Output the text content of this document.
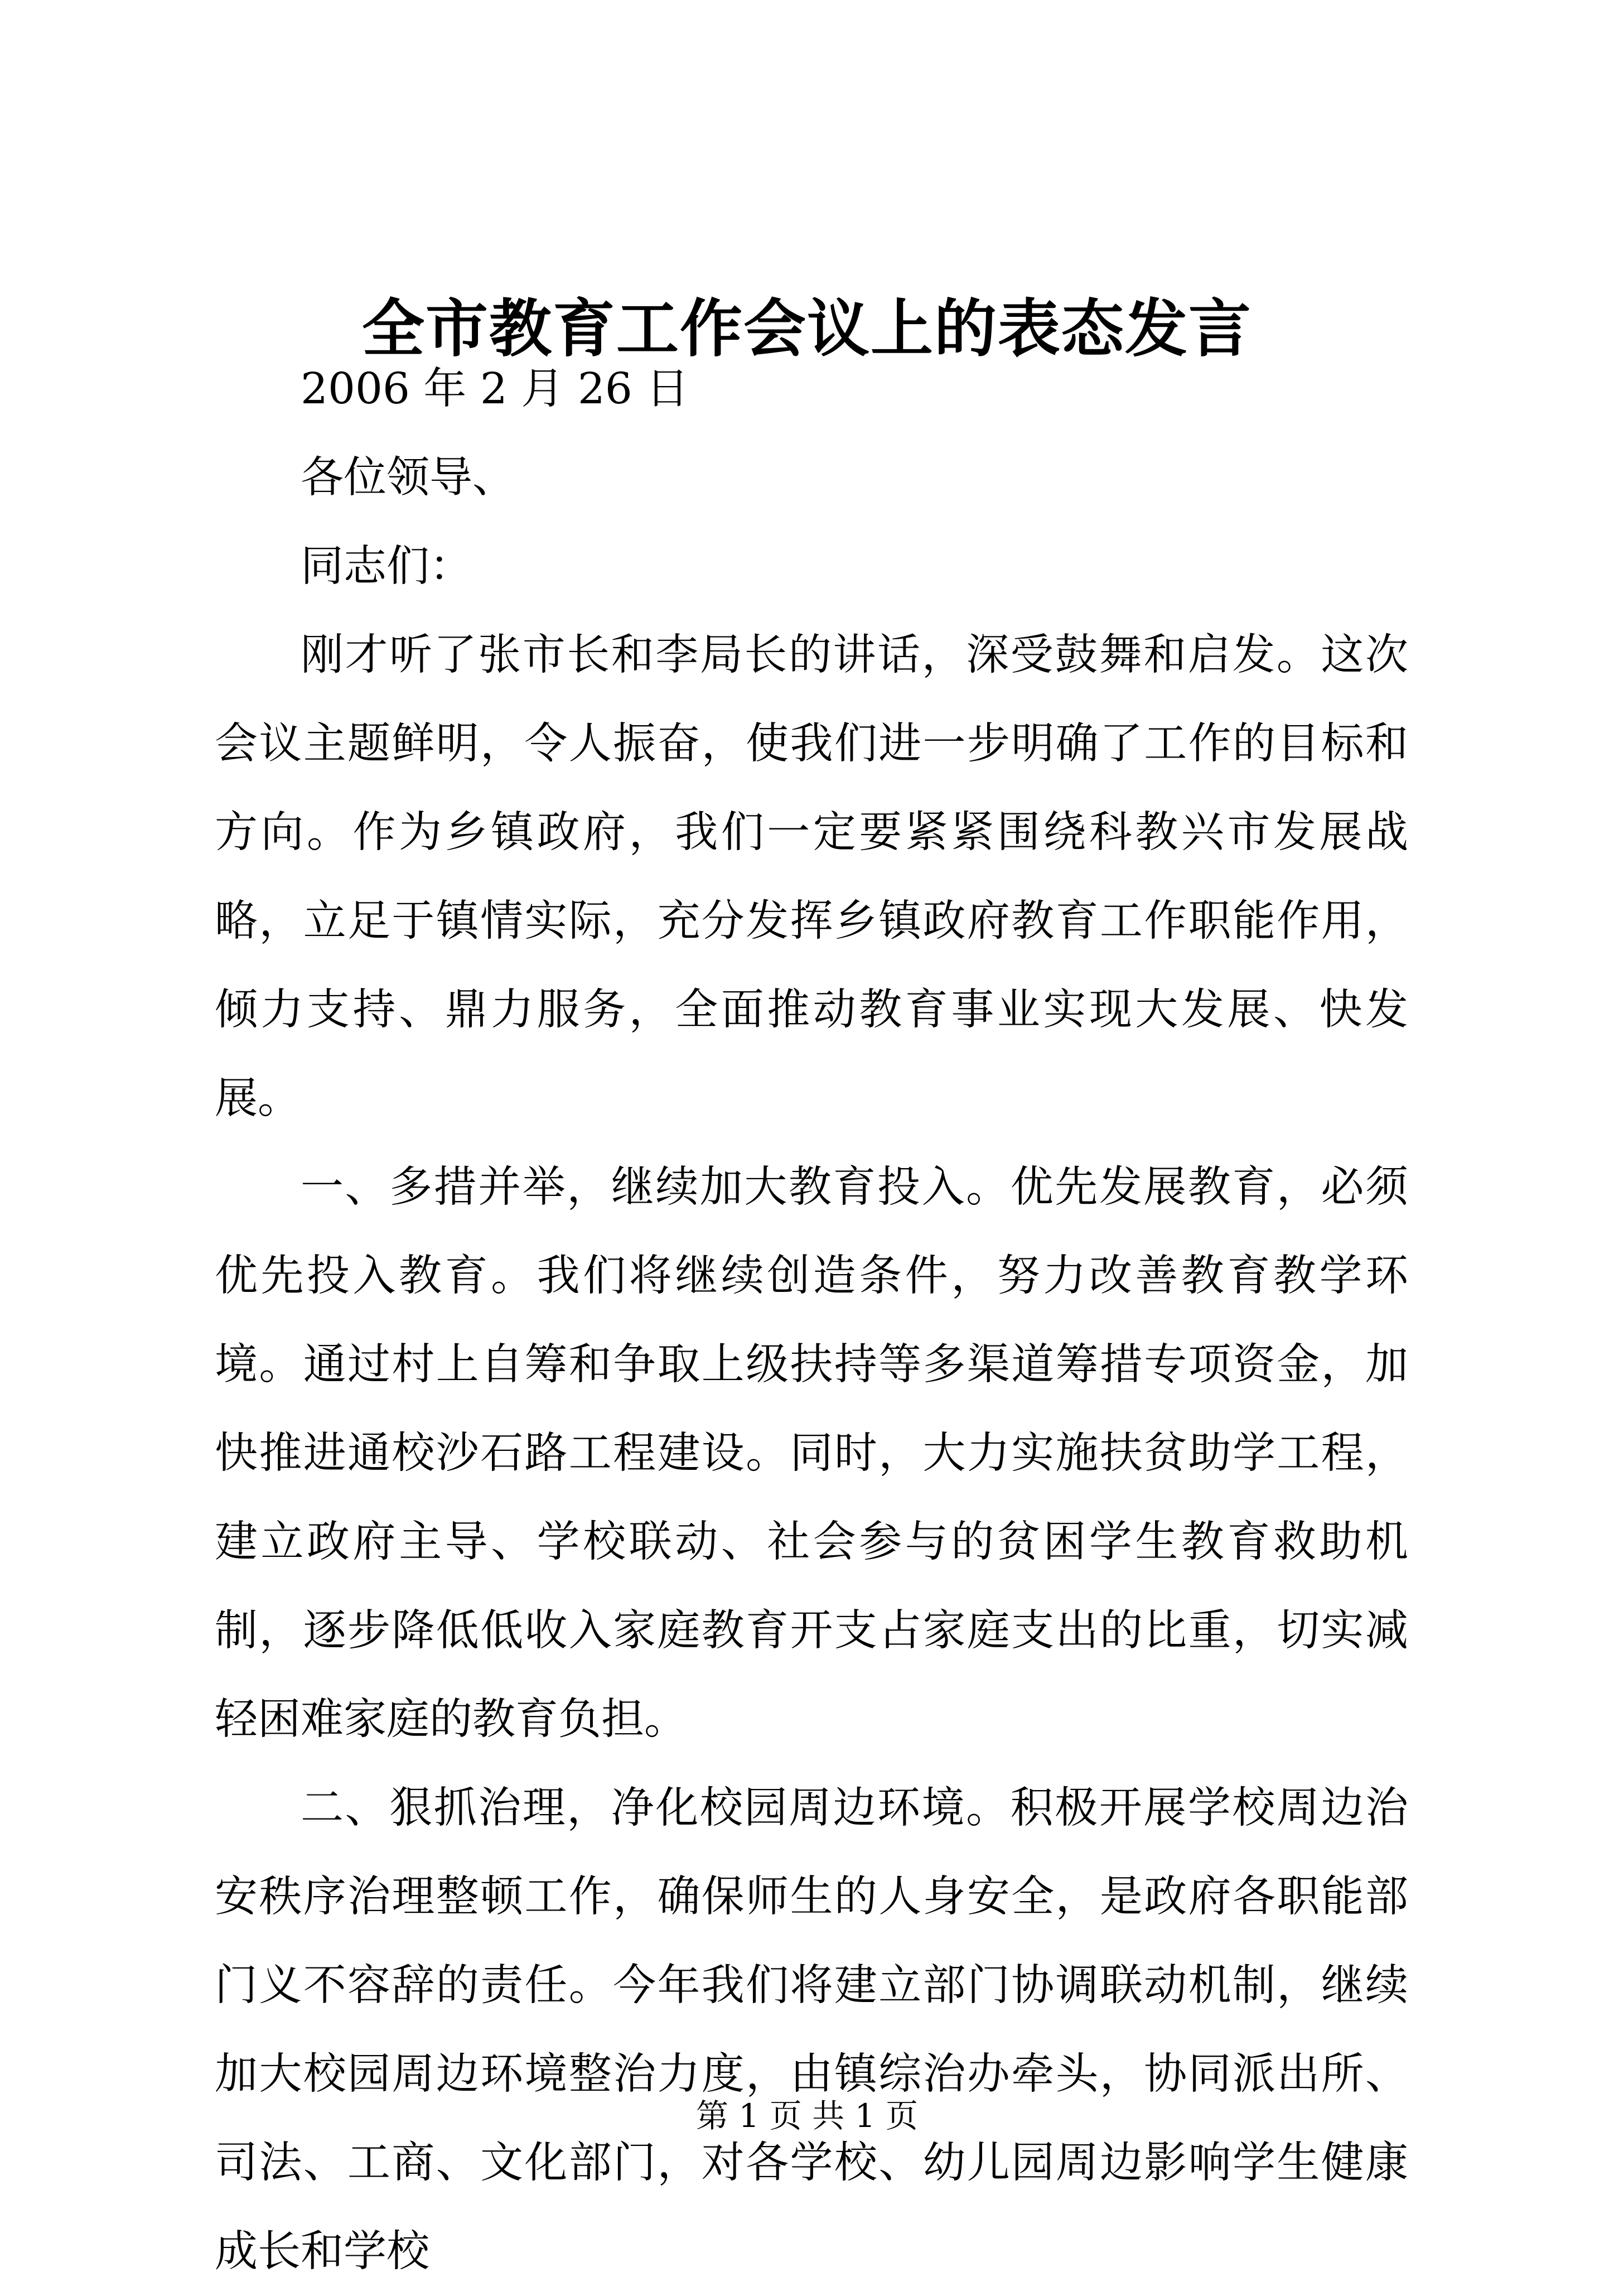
全市教育工作会议上的表态发言

2006 年 2 月 26 日

各位领导、

同志们：

刚才听了张市长和李局长的讲话，深受鼓舞和启发。这次会议主题鲜明，令人振奋，使我们进一步明确了工作的目标和方向。作为乡镇政府，我们一定要紧紧围绕科教兴市发展战略，立足于镇情实际，充分发挥乡镇政府教育工作职能作用，倾力支持、鼎力服务，全面推动教育事业实现大发展、快发展。

一、多措并举，继续加大教育投入。优先发展教育，必须优先投入教育。我们将继续创造条件，努力改善教育教学环境。通过村上自筹和争取上级扶持等多渠道筹措专项资金，加快推进通校沙石路工程建设。同时，大力实施扶贫助学工程，建立政府主导、学校联动、社会参与的贫困学生教育救助机制，逐步降低低收入家庭教育开支占家庭支出的比重，切实减轻困难家庭的教育负担。

二、狠抓治理，净化校园周边环境。积极开展学校周边治安秩序治理整顿工作，确保师生的人身安全，是政府各职能部门义不容辞的责任。今年我们将建立部门协调联动机制，继续加大校园周边环境整治力度，由镇综治办牵头，协同派出所、司法、工商、文化部门，对各学校、幼儿园周边影响学生健康成长和学校

第 1 页 共 1 页
